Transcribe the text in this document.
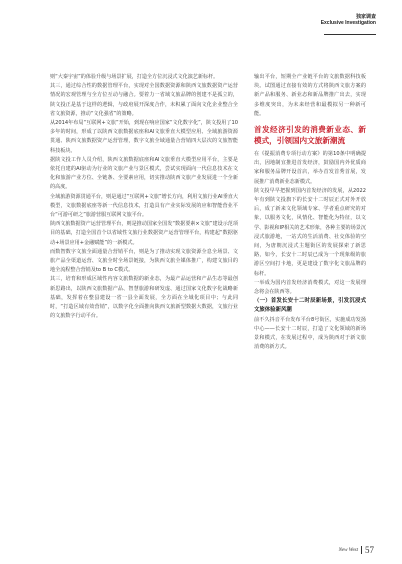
独家调查
Exclusive Investigation

则“大秦宇宙”的体验升级与场景扩展，打造全方位沉浸式文化演艺新标杆。

其三，通过综合性的数据管理平台，实现对全国数据资源和陕西文旅数据资产运营情况的宏观管理与全方位互动与融合。要着力一省域文旅品牌的创建不是孤立的，陕文投正是基于这样的逻辑，与政府展开深度合作，未积累了面向文化企业整合全省文旅资源，推动“文化强省”的策略。

从2014年布局“互联网+文旅”开始，到现在响应国家“文化数字化”，陕文投用了10多年的时间，形成了以陕西文旅数据底座和AI文旅垂直大模型应用、全域旅游资源贯通、陕西文旅数据资产运营管理，数字文旅全域通量合营销四大层次的文旅智能科技板块。

据陕文投工作人员介绍，陕西文旅数据底座和AI文旅垂直大模型应用平台，主要是依托自建的AI驱动为行业的文旅产业与景区模式，尝试实现面向一代信息技术在文化和旅游产业方位、全链条、全要素应用，切实推动陕西文旅产业发展进一个全新的高度。

全域旅游资源贯通平台，则是通过“互联网+文旅”增长方向，利用文旅行业AI垂直大模型，文旅数据底座等新一代信息技术，打造具有产业实际发展的应和智能营业平台“可游可研之”旅游营服互联网文旅平台。

陕西文旅数据资产运营管理平台，则是推动国家全国发“数据要素×文旅”建设示范项目的基础，打造全国首个以省域性文旅行业数据资产运营管理平台，构建起“数据驱动+场景应用+金融赋能”的一新模式。

而数智数字文旅全面通量合营销平台，则是为了推动实现文旅资源全息全场景、文旅产品全渠道运营、文旅全时全场景链接，为陕西文旅全媒体推广，构建文旅目的地全流程整合营销及to B to C模式。

其三，培育和形成区域性内容文旅数据的新业态，为最产品运营和产品生态等最创新思路出，以陕西文旅数据产品、智慧旅游和研发虚、通过国家文化数字化战略新基础，发挥着在整县建设一省一县全面发展，全方面在全域化项目中；与此同时，“打造区域有效营销”，以数字化全面推向陕西文旅新型数据大数据，文旅行业的文旅数字行动平台。

输出平台，短期全产业链平台的文旅数据科技板块。试图通过直接有效的方式将陕西文旅方案的新产品和服务、新业态和新品牌推广出去，实现多维度突出，为未来经营和最模拟另一种新可能。

首发经济引发的消费新业态、新模式，引领国内文旅新潮流

在《提振消费专项行动方案》的第10条中明确提出，因地制宜推进首发经济，鼓励国内外优质商家和服务品牌开设首店，举办首发首秀首展，发展推广消费新业态新模式。

陕文投早早把握到国内首发经济的发展，从2022年有到陕文投旗下的长安十二时辰正式对外开放后，成了新来文化领域专家、学者重点研究的对象，以服务文化，风情化、智能化为特征，以文学、影视和IP相关的艺术形象，各种主要的场景沉浸式旅游地，一站式的生活消费、社交体验的空间，为唐朝沉浸式主题街区的发展探索了新思路，如今，长安十二时辰已成为一个现象级的旅游区空间打卡地，更是建设了数字化文旅品牌的标杆。

一举成为国内首发经济消费模式，对这一发展理念将会在陕西等。

（一）首发长安十二时辰新场景，引发沉浸式文旅体验新风潮

前不久抖音平台发布平台8号街区，实施成功发扬中心——长安十二时辰，打造了文化领域的新场景和模式，在发展过程中，成为陕西对于新文旅消费的新方式。

New West 57
